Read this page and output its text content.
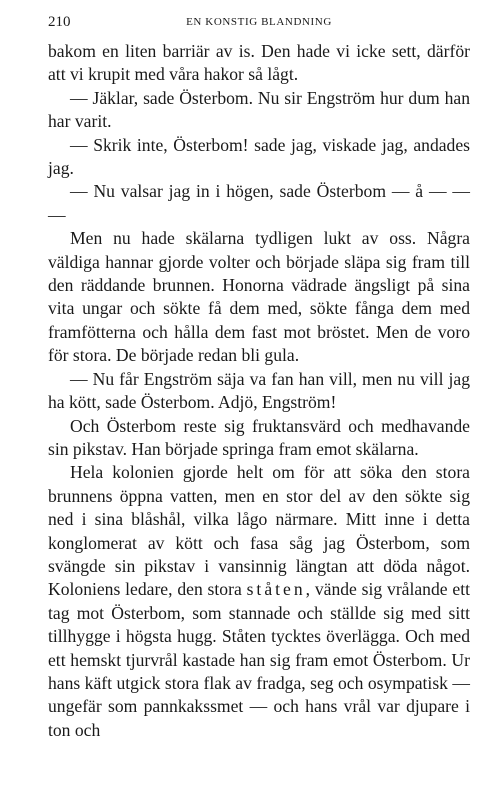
210	EN KONSTIG BLANDNING

bakom en liten barriär av is. Den hade vi icke sett, därför att vi krupit med våra hakor så lågt.

— Jäklar, sade Österbom. Nu sir Engström hur dum han har varit.

— Skrik inte, Österbom! sade jag, viskade jag, andades jag.

— Nu valsar jag in i högen, sade Österbom — å — — —

Men nu hade skälarna tydligen lukt av oss. Några väldiga hannar gjorde volter och började släpa sig fram till den räddande brunnen. Honorna vädrade ängsligt på sina vita ungar och sökte få dem med, sökte fånga dem med framfötterna och hålla dem fast mot bröstet. Men de voro för stora. De började redan bli gula.

— Nu får Engström säja va fan han vill, men nu vill jag ha kött, sade Österbom. Adjö, Engström!

Och Österbom reste sig fruktansvärd och medhavande sin pikstav. Han började springa fram emot skälarna.

Hela kolonien gjorde helt om för att söka den stora brunnens öppna vatten, men en stor del av den sökte sig ned i sina blåshål, vilka lågo närmare. Mitt inne i detta konglomerat av kött och fasa såg jag Österbom, som svängde sin pikstav i vansinnig längtan att döda något. Koloniens ledare, den stora ståten, vände sig vrålande ett tag mot Österbom, som stannade och ställde sig med sitt tillhygge i högsta hugg. Ståten tycktes överlägga. Och med ett hemskt tjurvrål kastade han sig fram emot Österbom. Ur hans käft utgick stora flak av fradga, seg och osympatisk — ungefär som pannkakssmet — och hans vrål var djupare i ton och
